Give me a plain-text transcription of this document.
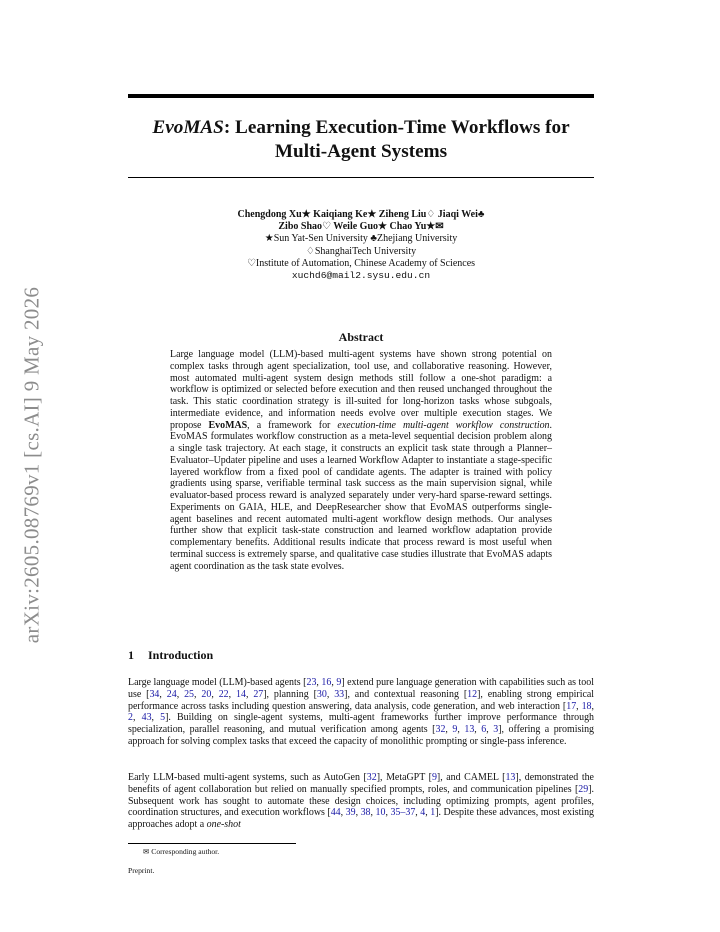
arXiv:2605.08769v1 [cs.AI] 9 May 2026
EvoMAS: Learning Execution-Time Workflows for
Multi-Agent Systems
Chengdong Xu★ Kaiqiang Ke★ Ziheng Liu♢ Jiaqi Wei♣
Zibo Shao♡ Weile Guo★ Chao Yu★✉
★Sun Yat-Sen University ♣Zhejiang University
♢ShanghaiTech University
♡Institute of Automation, Chinese Academy of Sciences
xuchd6@mail2.sysu.edu.cn
Abstract
Large language model (LLM)-based multi-agent systems have shown strong potential on complex tasks through agent specialization, tool use, and collaborative reasoning. However, most automated multi-agent system design methods still follow a one-shot paradigm: a workflow is optimized or selected before execution and then reused unchanged throughout the task. This static coordination strategy is ill-suited for long-horizon tasks whose subgoals, intermediate evidence, and information needs evolve over multiple execution stages. We propose EvoMAS, a framework for execution-time multi-agent workflow construction. EvoMAS formulates workflow construction as a meta-level sequential decision problem along a single task trajectory. At each stage, it constructs an explicit task state through a Planner–Evaluator–Updater pipeline and uses a learned Workflow Adapter to instantiate a stage-specific layered workflow from a fixed pool of candidate agents. The adapter is trained with policy gradients using sparse, verifiable terminal task success as the main supervision signal, while evaluator-based process reward is analyzed separately under very-hard sparse-reward settings. Experiments on GAIA, HLE, and DeepResearcher show that EvoMAS outperforms single-agent baselines and recent automated multi-agent workflow design methods. Our analyses further show that explicit task-state construction and learned workflow adaptation provide complementary benefits. Additional results indicate that process reward is most useful when terminal success is extremely sparse, and qualitative case studies illustrate that EvoMAS adapts agent coordination as the task state evolves.
1 Introduction

Large language model (LLM)-based agents [23, 16, 9] extend pure language generation with capabilities such as tool use [34, 24, 25, 20, 22, 14, 27], planning [30, 33], and contextual reasoning [12], enabling strong empirical performance across tasks including question answering, data analysis, code generation, and web interaction [17, 18, 2, 43, 5]. Building on single-agent systems, multi-agent frameworks further improve performance through specialization, parallel reasoning, and mutual verification among agents [32, 9, 13, 6, 3], offering a promising approach for solving complex tasks that exceed the capacity of monolithic prompting or single-pass inference.

Early LLM-based multi-agent systems, such as AutoGen [32], MetaGPT [9], and CAMEL [13], demonstrated the benefits of agent collaboration but relied on manually specified prompts, roles, and communication pipelines [29]. Subsequent work has sought to automate these design choices, including optimizing prompts, agent profiles, coordination structures, and execution workflows [44, 39, 38, 10, 35–37, 4, 1]. Despite these advances, most existing approaches adopt a one-shot

✉ Corresponding author.
Preprint.
